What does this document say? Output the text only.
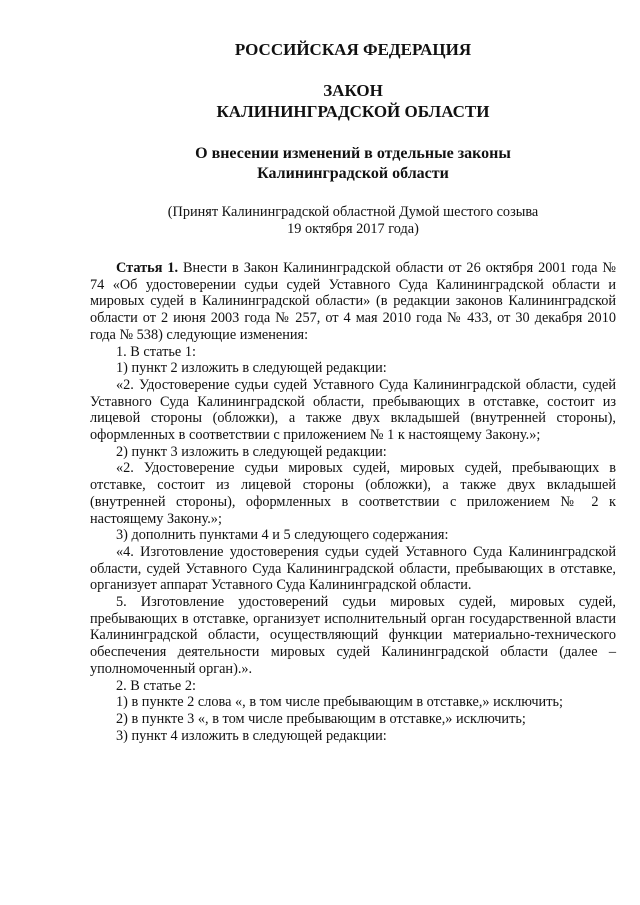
РОССИЙСКАЯ ФЕДЕРАЦИЯ
ЗАКОН
КАЛИНИНГРАДСКОЙ ОБЛАСТИ
О внесении изменений в отдельные законы
Калининградской области
(Принят Калининградской областной Думой шестого созыва
19 октября 2017 года)

Статья 1. Внести в Закон Калининградской области от 26 октября 2001 года № 74 «Об удостоверении судьи судей Уставного Суда Калининградской области и мировых судей в Калининградской области» (в редакции законов Калининградской области от 2 июня 2003 года № 257, от 4 мая 2010 года № 433, от 30 декабря 2010 года № 538) следующие изменения:

1. В статье 1:

1) пункт 2 изложить в следующей редакции:

«2. Удостоверение судьи судей Уставного Суда Калининградской области, судей Уставного Суда Калининградской области, пребывающих в отставке, состоит из лицевой стороны (обложки), а также двух вкладышей (внутренней стороны), оформленных в соответствии с приложением № 1 к настоящему Закону.»;

2) пункт 3 изложить в следующей редакции:

«2. Удостоверение судьи мировых судей, мировых судей, пребывающих в отставке, состоит из лицевой стороны (обложки), а также двух вкладышей (внутренней стороны), оформленных в соответствии с приложением № 2 к настоящему Закону.»;

3) дополнить пунктами 4 и 5 следующего содержания:

«4. Изготовление удостоверения судьи судей Уставного Суда Калининградской области, судей Уставного Суда Калининградской области, пребывающих в отставке, организует аппарат Уставного Суда Калининградской области.

5. Изготовление удостоверений судьи мировых судей, мировых судей, пребывающих в отставке, организует исполнительный орган государственной власти Калининградской области, осуществляющий функции материально-технического обеспечения деятельности мировых судей Калининградской области (далее – уполномоченный орган).».

2. В статье 2:

1) в пункте 2 слова «, в том числе пребывающим в отставке,» исключить;

2) в пункте 3 «, в том числе пребывающим в отставке,» исключить;

3) пункт 4 изложить в следующей редакции:
